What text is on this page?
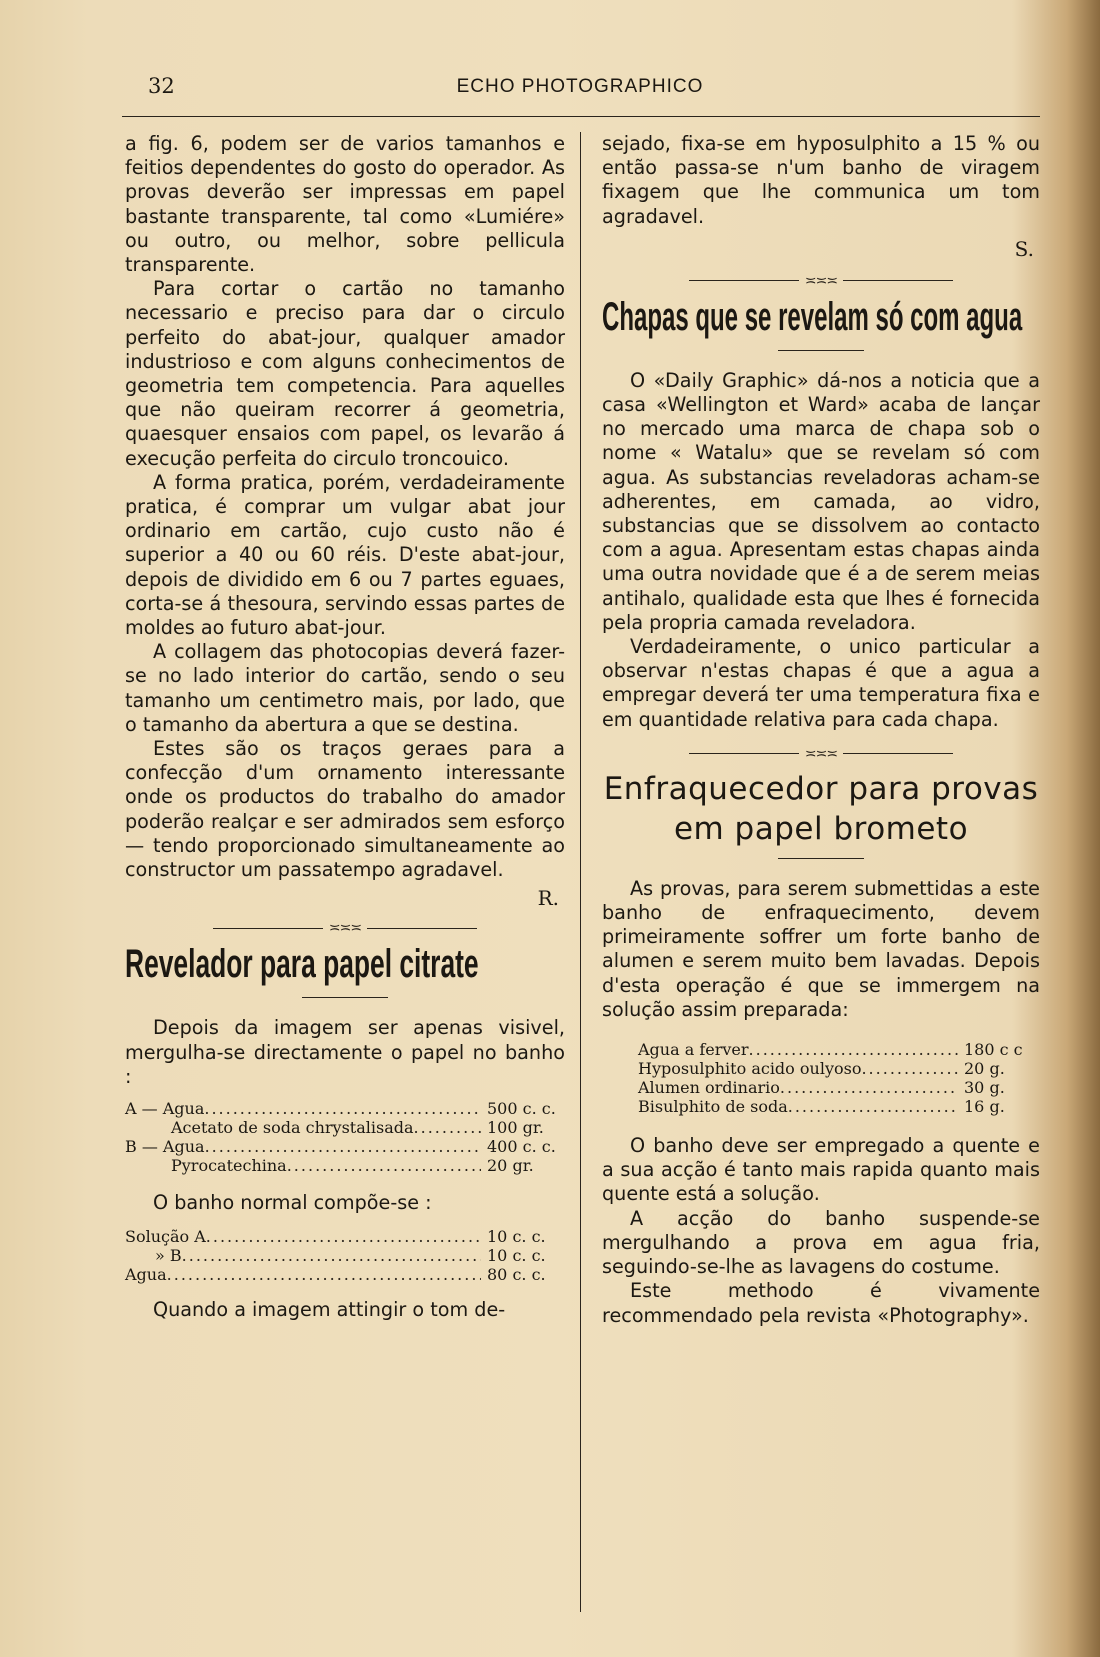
32	ECHO PHOTOGRAPHICO

a fig. 6, podem ser de varios tamanhos e feitios dependentes do gosto do operador. As provas deverão ser impressas em papel bastante transparente, tal como «Lumiére» ou outro, ou melhor, sobre pellicula transparente.

Para cortar o cartão no tamanho necessario e preciso para dar o circulo perfeito do abat-jour, qualquer amador industrioso e com alguns conhecimentos de geometria tem competencia. Para aquelles que não queiram recorrer á geometria, quaesquer ensaios com papel, os levarão á execução perfeita do circulo troncouico.

A forma pratica, porém, verdadeiramente pratica, é comprar um vulgar abat jour ordinario em cartão, cujo custo não é superior a 40 ou 60 réis. D'este abat-jour, depois de dividido em 6 ou 7 partes eguaes, corta-se á thesoura, servindo essas partes de moldes ao futuro abat-jour.

A collagem das photocopias deverá fazer-se no lado interior do cartão, sendo o seu tamanho um centimetro mais, por lado, que o tamanho da abertura a que se destina.

Estes são os traços geraes para a confecção d'um ornamento interessante onde os productos do trabalho do amador poderão realçar e ser admirados sem esforço — tendo proporcionado simultaneamente ao constructor um passatempo agradavel.

R.
≍≍≍
Revelador para papel citrate

Depois da imagem ser apenas visivel, mergulha-se directamente o papel no banho :

A — Agua .....	500 c. c.
Acetato de soda chrystalisada .....	100 gr.
B — Agua .....	400 c. c.
Pyrocatechina .....	20 gr.

O banho normal compõe-se :

Solução A .....	10 c. c.
» B .....	10 c. c.
Agua .....	80 c. c.

Quando a imagem attingir o tom de-

sejado, fixa-se em hyposulphito a 15 % ou então passa-se n'um banho de viragem fixagem que lhe communica um tom agradavel.

S.
≍≍≍
Chapas que se revelam só com agua

O «Daily Graphic» dá-nos a noticia que a casa «Wellington et Ward» acaba de lançar no mercado uma marca de chapa sob o nome « Watalu» que se revelam só com agua. As substancias reveladoras acham-se adherentes, em camada, ao vidro, substancias que se dissolvem ao contacto com a agua. Apresentam estas chapas ainda uma outra novidade que é a de serem meias antihalo, qualidade esta que lhes é fornecida pela propria camada reveladora.

Verdadeiramente, o unico particular a observar n'estas chapas é que a agua a empregar deverá ter uma temperatura fixa e em quantidade relativa para cada chapa.

≍≍≍
Enfraquecedor para provas
em papel brometo

As provas, para serem submettidas a este banho de enfraquecimento, devem primeiramente soffrer um forte banho de alumen e serem muito bem lavadas. Depois d'esta operação é que se immergem na solução assim preparada:

Agua a ferver .....	180 c c
Hyposulphito acido oulyoso .....	20 g.
Alumen ordinario .....	30 g.
Bisulphito de soda .....	16 g.

O banho deve ser empregado a quente e a sua acção é tanto mais rapida quanto mais quente está a solução.

A acção do banho suspende-se mergulhando a prova em agua fria, seguindo-se-lhe as lavagens do costume.

Este methodo é vivamente recommendado pela revista «Photography».
